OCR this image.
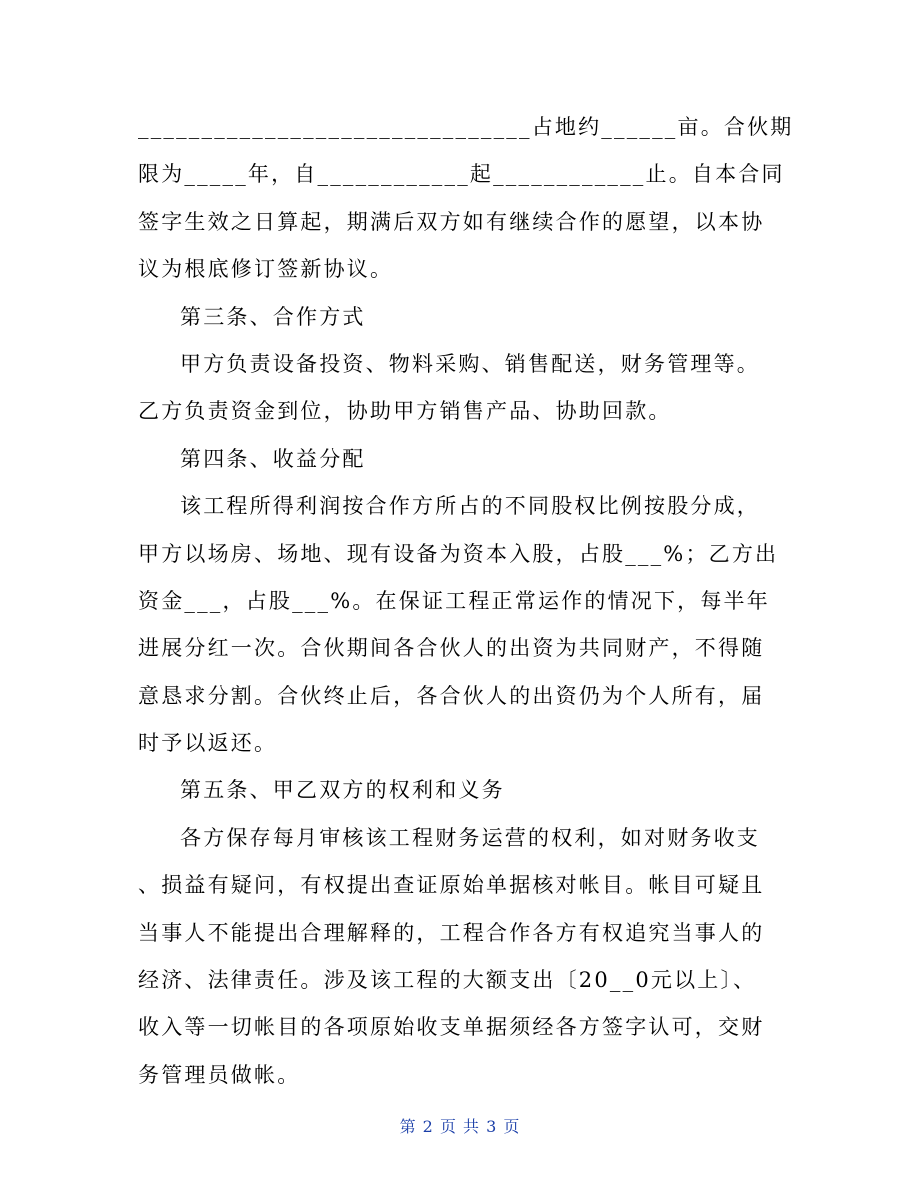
_______________________________占地约______亩。合伙期
限为_____年，自____________起____________止。自本合同
签字生效之日算起，期满后双方如有继续合作的愿望，以本协
议为根底修订签新协议。
第三条、合作方式
甲方负责设备投资、物料采购、销售配送，财务管理等。
乙方负责资金到位，协助甲方销售产品、协助回款。
第四条、收益分配
该工程所得利润按合作方所占的不同股权比例按股分成，
甲方以场房、场地、现有设备为资本入股，占股___%；乙方出
资金___，占股___%。在保证工程正常运作的情况下，每半年
进展分红一次。合伙期间各合伙人的出资为共同财产，不得随
意恳求分割。合伙终止后，各合伙人的出资仍为个人所有，届
时予以返还。
第五条、甲乙双方的权利和义务
各方保存每月审核该工程财务运营的权利，如对财务收支
、损益有疑问，有权提出查证原始单据核对帐目。帐目可疑且
当事人不能提出合理解释的，工程合作各方有权追究当事人的
经济、法律责任。涉及该工程的大额支出〔20__0元以上〕、
收入等一切帐目的各项原始收支单据须经各方签字认可，交财
务管理员做帐。
第 2 页 共 3 页
